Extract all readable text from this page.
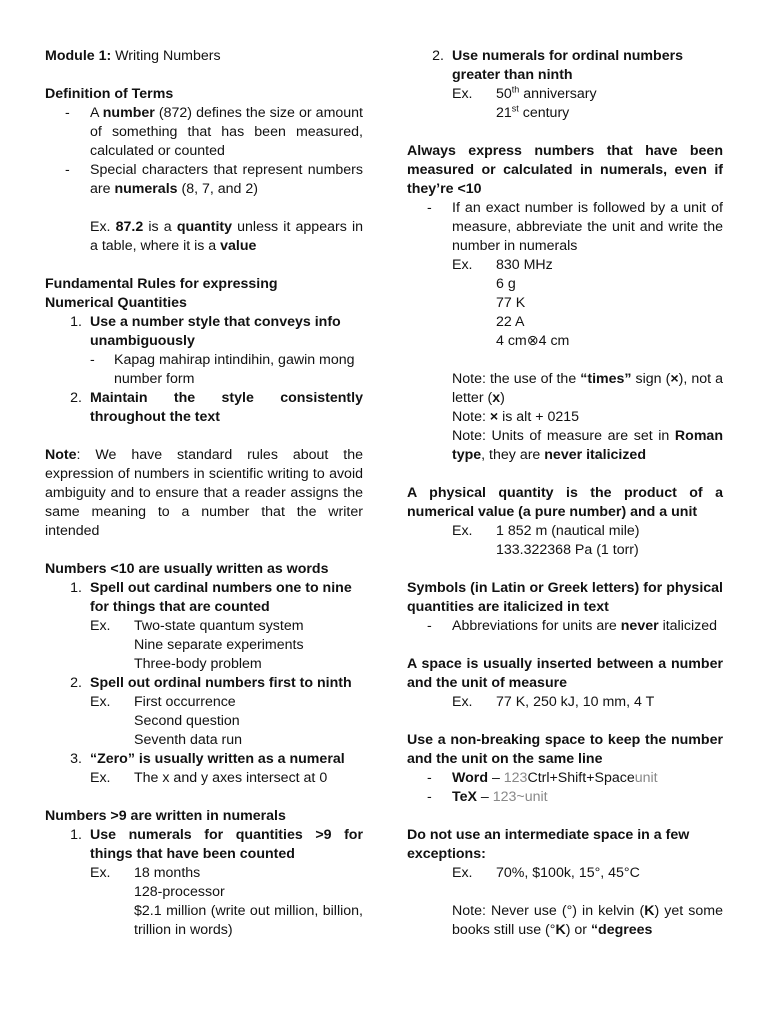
Module 1: Writing Numbers

Definition of Terms

-	A number (872) defines the size or amount of something that has been measured, calculated or counted
-	Special characters that represent numbers are numerals (8, 7, and 2)

Ex. 87.2 is a quantity unless it appears in a table, where it is a value

Fundamental Rules for expressing
Numerical Quantities

1. Use a number style that conveys info unambiguously
-	Kapag mahirap intindihin, gawin mong number form
2. Maintain the style consistently throughout the text

Note: We have standard rules about the expression of numbers in scientific writing to avoid ambiguity and to ensure that a reader assigns the same meaning to a number that the writer intended

Numbers <10 are usually written as words

1. Spell out cardinal numbers one to nine for things that are counted
Ex.	Two-state quantum system
Nine separate experiments
Three-body problem
2. Spell out ordinal numbers first to ninth
Ex.	First occurrence
Second question
Seventh data run
3. “Zero” is usually written as a numeral
Ex.	The x and y axes intersect at 0

Numbers >9 are written in numerals

1. Use numerals for quantities >9 for things that have been counted
Ex.	18 months
128-processor
$2.1 million (write out million, billion, trillion in words)
2. Use numerals for ordinal numbers greater than ninth
Ex.	50th anniversary
21st century

Always express numbers that have been measured or calculated in numerals, even if they’re <10

-	If an exact number is followed by a unit of measure, abbreviate the unit and write the number in numerals
Ex.	830 MHz
6 g
77 K
22 A
4 cm⊗4 cm

Note: the use of the “times” sign (×), not a letter (x)

Note: × is alt + 0215

Note: Units of measure are set in Roman type, they are never italicized

A physical quantity is the product of a numerical value (a pure number) and a unit

Ex.	1 852 m (nautical mile)
133.322368 Pa (1 torr)

Symbols (in Latin or Greek letters) for physical quantities are italicized in text

-	Abbreviations for units are never italicized

A space is usually inserted between a number and the unit of measure

Ex.	77 K, 250 kJ, 10 mm, 4 T

Use a non-breaking space to keep the number and the unit on the same line

-	Word – 123Ctrl+Shift+Spaceunit
-	TeX – 123~unit

Do not use an intermediate space in a few exceptions:

Ex.	70%, $100k, 15°, 45°C

Note: Never use (°) in kelvin (K) yet some books still use (°K) or “degrees
